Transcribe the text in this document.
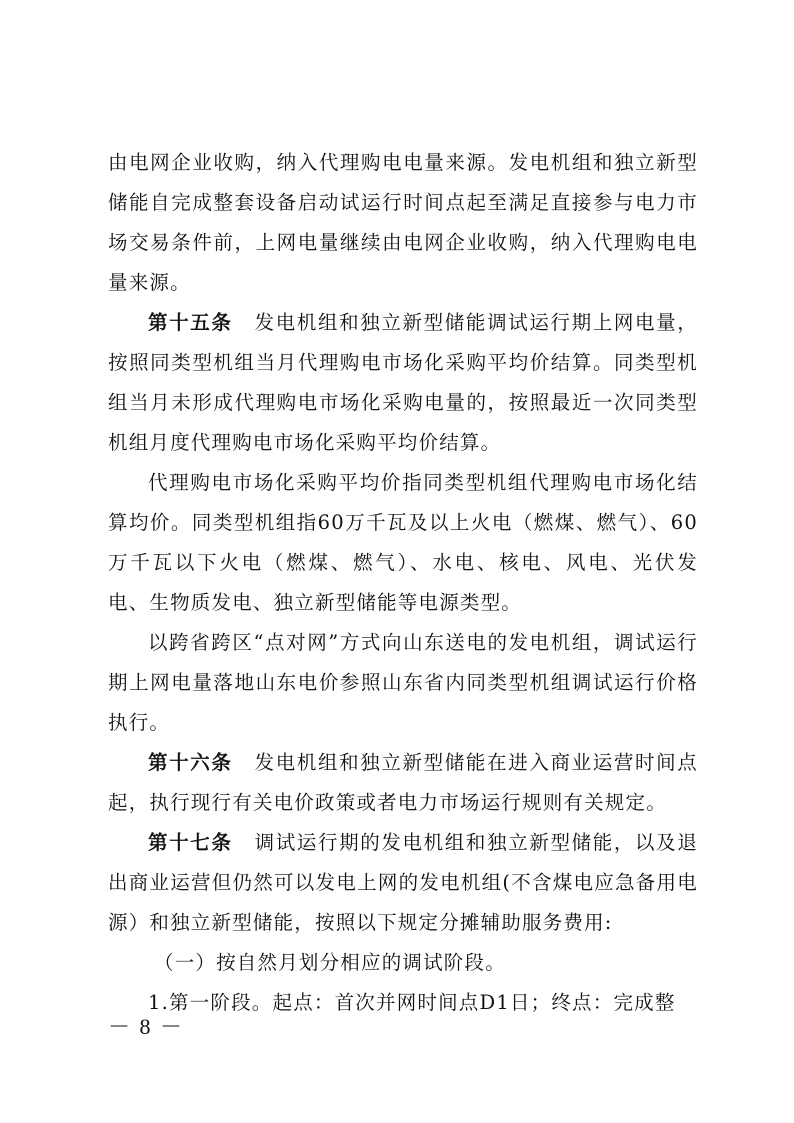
由电网企业收购，纳入代理购电电量来源。发电机组和独立新型储能自完成整套设备启动试运行时间点起至满足直接参与电力市场交易条件前，上网电量继续由电网企业收购，纳入代理购电电量来源。

第十五条 发电机组和独立新型储能调试运行期上网电量，按照同类型机组当月代理购电市场化采购平均价结算。同类型机组当月未形成代理购电市场化采购电量的，按照最近一次同类型机组月度代理购电市场化采购平均价结算。

代理购电市场化采购平均价指同类型机组代理购电市场化结算均价。同类型机组指60万千瓦及以上火电（燃煤、燃气）、60万千瓦以下火电（燃煤、燃气）、水电、核电、风电、光伏发电、生物质发电、独立新型储能等电源类型。

以跨省跨区“点对网”方式向山东送电的发电机组，调试运行期上网电量落地山东电价参照山东省内同类型机组调试运行价格执行。

第十六条 发电机组和独立新型储能在进入商业运营时间点起，执行现行有关电价政策或者电力市场运行规则有关规定。

第十七条 调试运行期的发电机组和独立新型储能，以及退出商业运营但仍然可以发电上网的发电机组(不含煤电应急备用电源）和独立新型储能，按照以下规定分摊辅助服务费用:

（一）按自然月划分相应的调试阶段。

1.第一阶段。起点：首次并网时间点D1日；终点：完成整

－ 8 －
